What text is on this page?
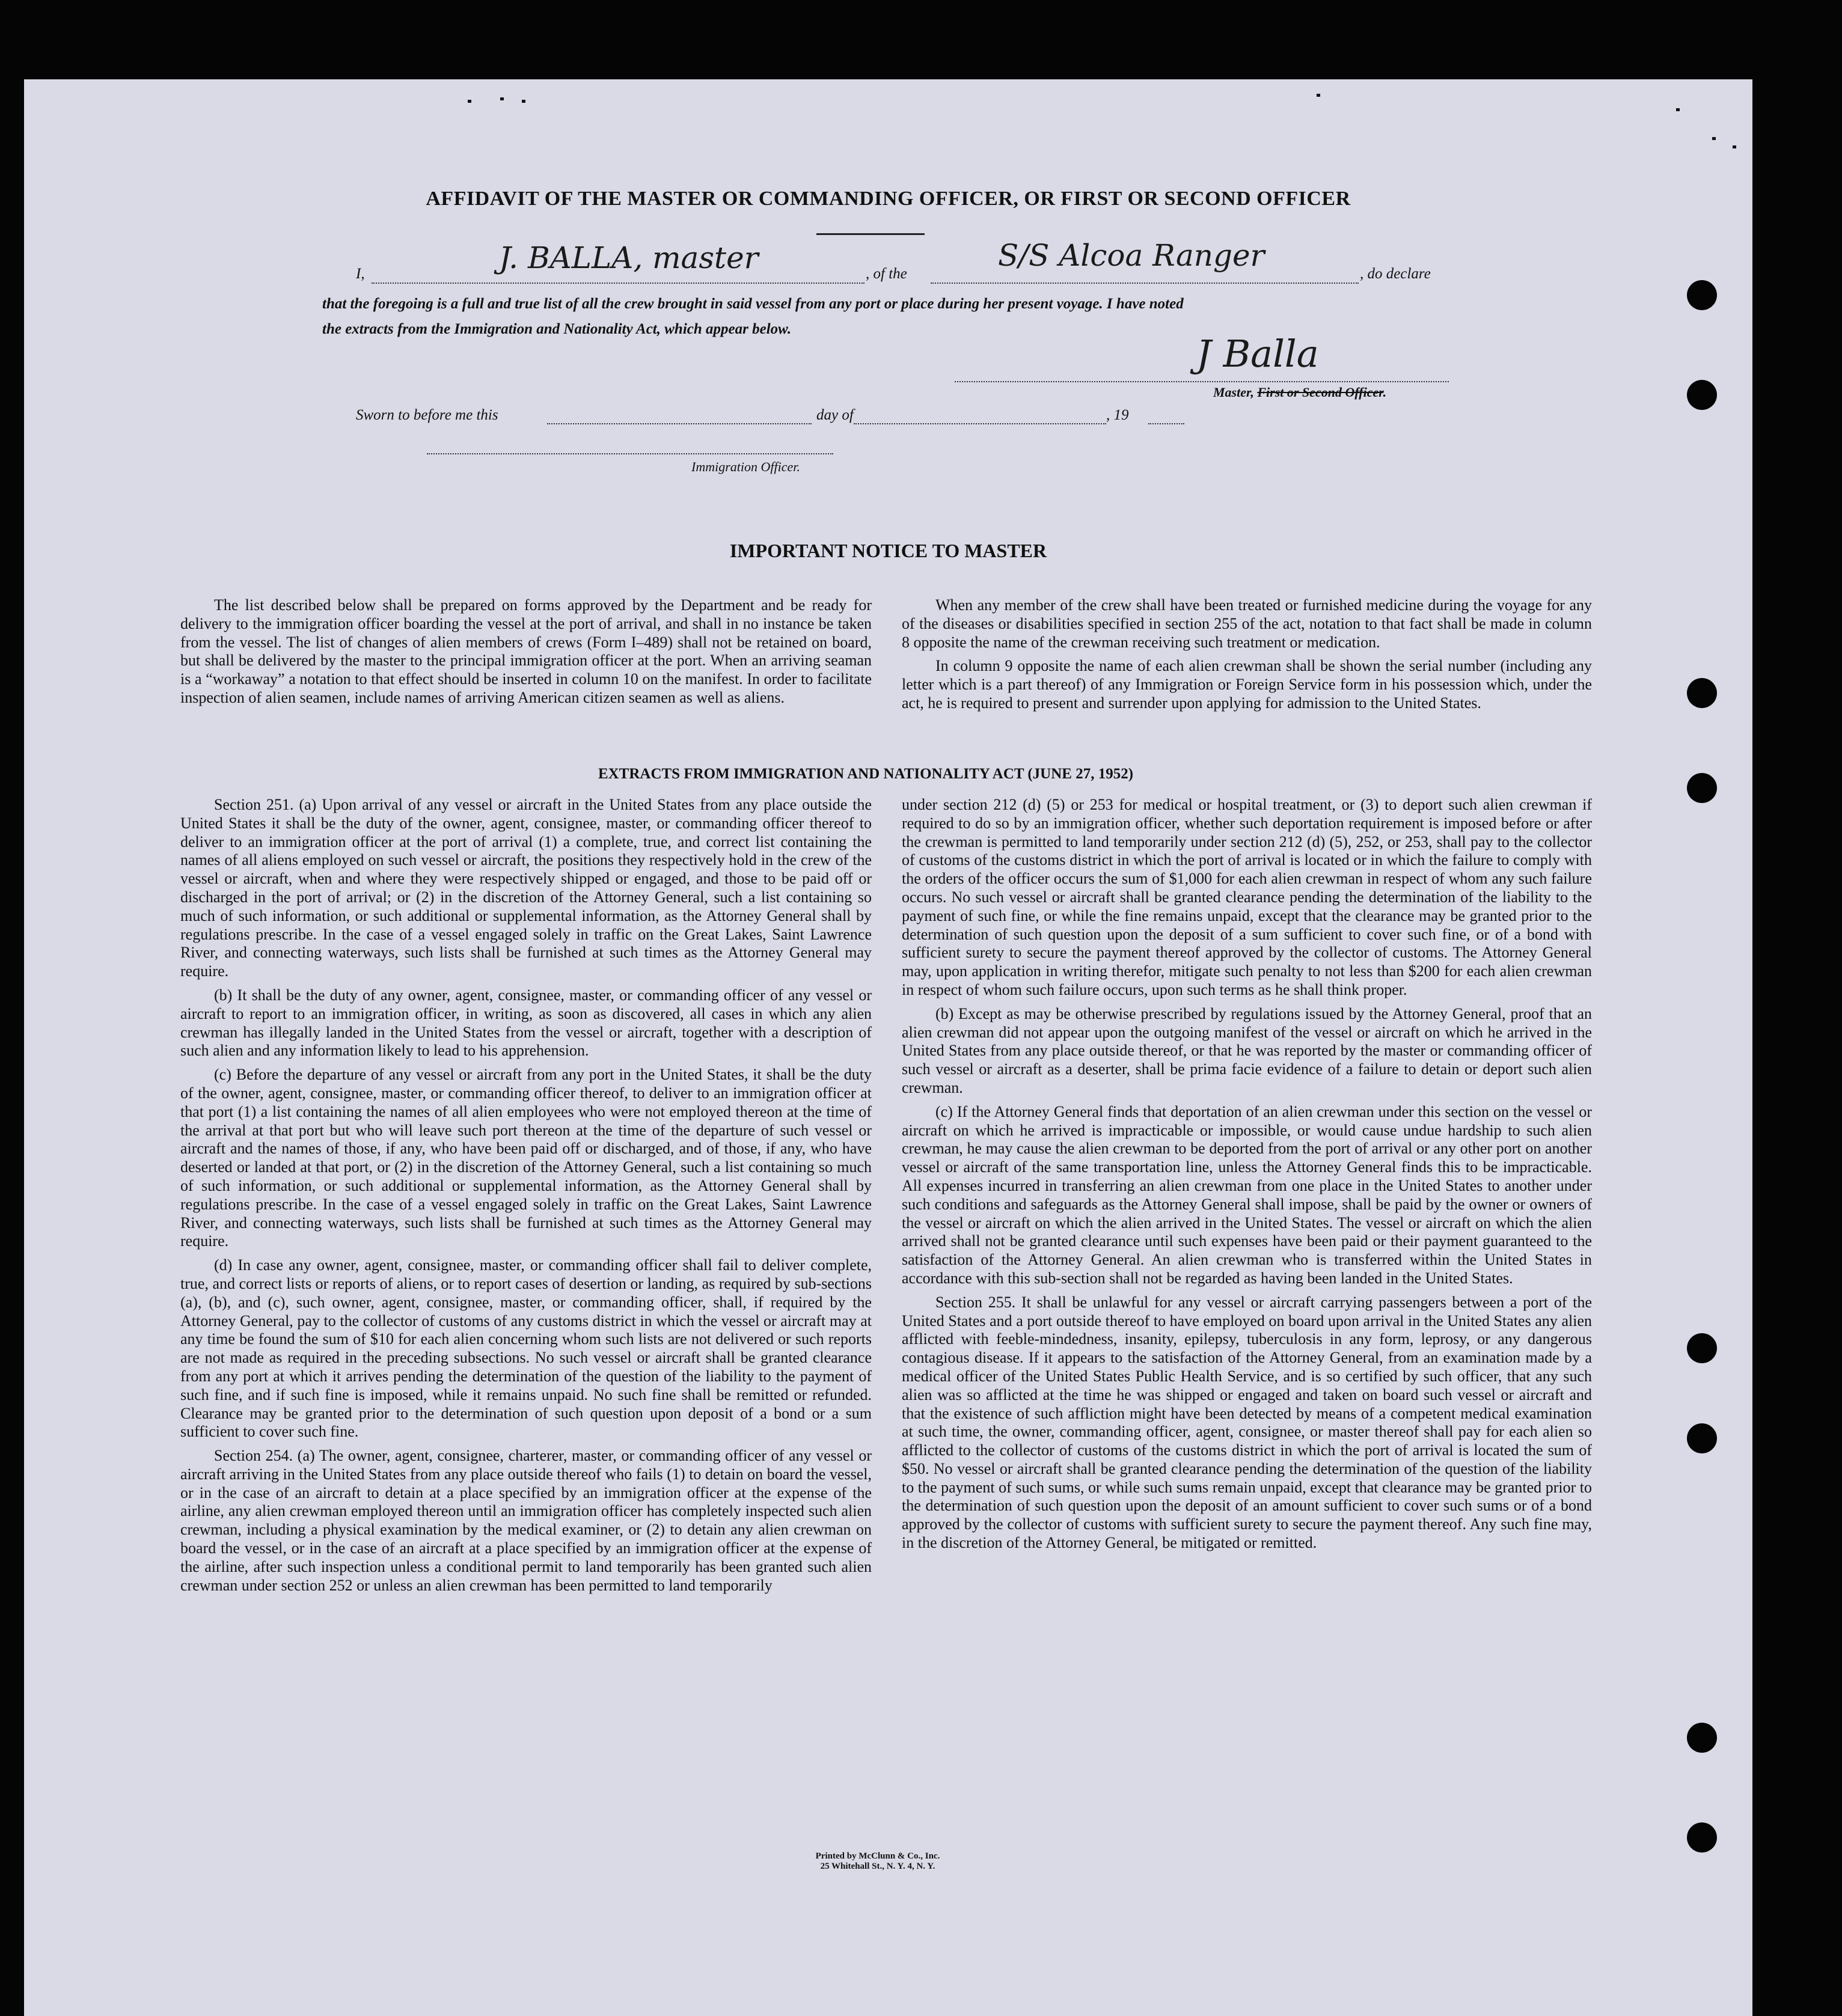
AFFIDAVIT OF THE MASTER OR COMMANDING OFFICER, OR FIRST OR SECOND OFFICER
I,	J. BALLA, master	, of the
S/S Alcoa Ranger
, do declare
that the foregoing is a full and true list of all the crew brought in said vessel from any port or place during her present voyage. I have noted
the extracts from the Immigration and Nationality Act, which appear below.
J Balla
Master, First or Second Officer.
Sworn to before me this	day of	, 19
Immigration Officer.
IMPORTANT NOTICE TO MASTER

The list described below shall be prepared on forms approved by the Department and be ready for delivery to the immigration officer boarding the vessel at the port of arrival, and shall in no instance be taken from the vessel. The list of changes of alien members of crews (Form I–489) shall not be retained on board, but shall be delivered by the master to the principal immigration officer at the port. When an arriving seaman is a “workaway” a notation to that effect should be inserted in column 10 on the manifest. In order to facilitate inspection of alien seamen, include names of arriving American citizen seamen as well as aliens.

When any member of the crew shall have been treated or furnished medicine during the voyage for any of the diseases or disabilities specified in section 255 of the act, notation to that fact shall be made in column 8 opposite the name of the crewman receiving such treatment or medication.

In column 9 opposite the name of each alien crewman shall be shown the serial number (including any letter which is a part thereof) of any Immigration or Foreign Service form in his possession which, under the act, he is required to present and surrender upon applying for admission to the United States.

EXTRACTS FROM IMMIGRATION AND NATIONALITY ACT (JUNE 27, 1952)

Section 251. (a) Upon arrival of any vessel or aircraft in the United States from any place outside the United States it shall be the duty of the owner, agent, consignee, master, or commanding officer thereof to deliver to an immigration officer at the port of arrival (1) a complete, true, and correct list containing the names of all aliens employed on such vessel or aircraft, the positions they respectively hold in the crew of the vessel or aircraft, when and where they were respectively shipped or engaged, and those to be paid off or discharged in the port of arrival; or (2) in the discretion of the Attorney General, such a list containing so much of such information, or such additional or supplemental information, as the Attorney General shall by regulations prescribe. In the case of a vessel engaged solely in traffic on the Great Lakes, Saint Lawrence River, and connecting waterways, such lists shall be furnished at such times as the Attorney General may require.

(b) It shall be the duty of any owner, agent, consignee, master, or commanding officer of any vessel or aircraft to report to an immigration officer, in writing, as soon as discovered, all cases in which any alien crewman has illegally landed in the United States from the vessel or aircraft, together with a description of such alien and any information likely to lead to his apprehension.

(c) Before the departure of any vessel or aircraft from any port in the United States, it shall be the duty of the owner, agent, consignee, master, or commanding officer thereof, to deliver to an immigration officer at that port (1) a list containing the names of all alien employees who were not employed thereon at the time of the arrival at that port but who will leave such port thereon at the time of the departure of such vessel or aircraft and the names of those, if any, who have been paid off or discharged, and of those, if any, who have deserted or landed at that port, or (2) in the discretion of the Attorney General, such a list containing so much of such information, or such additional or supplemental information, as the Attorney General shall by regulations prescribe. In the case of a vessel engaged solely in traffic on the Great Lakes, Saint Lawrence River, and connecting waterways, such lists shall be furnished at such times as the Attorney General may require.

(d) In case any owner, agent, consignee, master, or commanding officer shall fail to deliver complete, true, and correct lists or reports of aliens, or to report cases of desertion or landing, as required by sub-sections (a), (b), and (c), such owner, agent, consignee, master, or commanding officer, shall, if required by the Attorney General, pay to the collector of customs of any customs district in which the vessel or aircraft may at any time be found the sum of $10 for each alien concerning whom such lists are not delivered or such reports are not made as required in the preceding subsections. No such vessel or aircraft shall be granted clearance from any port at which it arrives pending the determination of the question of the liability to the payment of such fine, and if such fine is imposed, while it remains unpaid. No such fine shall be remitted or refunded. Clearance may be granted prior to the determination of such question upon deposit of a bond or a sum sufficient to cover such fine.

Section 254. (a) The owner, agent, consignee, charterer, master, or commanding officer of any vessel or aircraft arriving in the United States from any place outside thereof who fails (1) to detain on board the vessel, or in the case of an aircraft to detain at a place specified by an immigration officer at the expense of the airline, any alien crewman employed thereon until an immigration officer has completely inspected such alien crewman, including a physical examination by the medical examiner, or (2) to detain any alien crewman on board the vessel, or in the case of an aircraft at a place specified by an immigration officer at the expense of the airline, after such inspection unless a conditional permit to land temporarily has been granted such alien crewman under section 252 or unless an alien crewman has been permitted to land temporarily

under section 212 (d) (5) or 253 for medical or hospital treatment, or (3) to deport such alien crewman if required to do so by an immigration officer, whether such deportation requirement is imposed before or after the crewman is permitted to land temporarily under section 212 (d) (5), 252, or 253, shall pay to the collector of customs of the customs district in which the port of arrival is located or in which the failure to comply with the orders of the officer occurs the sum of $1,000 for each alien crewman in respect of whom any such failure occurs. No such vessel or aircraft shall be granted clearance pending the determination of the liability to the payment of such fine, or while the fine remains unpaid, except that the clearance may be granted prior to the determination of such question upon the deposit of a sum sufficient to cover such fine, or of a bond with sufficient surety to secure the payment thereof approved by the collector of customs. The Attorney General may, upon application in writing therefor, mitigate such penalty to not less than $200 for each alien crewman in respect of whom such failure occurs, upon such terms as he shall think proper.

(b) Except as may be otherwise prescribed by regulations issued by the Attorney General, proof that an alien crewman did not appear upon the outgoing manifest of the vessel or aircraft on which he arrived in the United States from any place outside thereof, or that he was reported by the master or commanding officer of such vessel or aircraft as a deserter, shall be prima facie evidence of a failure to detain or deport such alien crewman.

(c) If the Attorney General finds that deportation of an alien crewman under this section on the vessel or aircraft on which he arrived is impracticable or impossible, or would cause undue hardship to such alien crewman, he may cause the alien crewman to be deported from the port of arrival or any other port on another vessel or aircraft of the same transportation line, unless the Attorney General finds this to be impracticable. All expenses incurred in transferring an alien crewman from one place in the United States to another under such conditions and safeguards as the Attorney General shall impose, shall be paid by the owner or owners of the vessel or aircraft on which the alien arrived in the United States. The vessel or aircraft on which the alien arrived shall not be granted clearance until such expenses have been paid or their payment guaranteed to the satisfaction of the Attorney General. An alien crewman who is transferred within the United States in accordance with this sub-section shall not be regarded as having been landed in the United States.

Section 255. It shall be unlawful for any vessel or aircraft carrying passengers between a port of the United States and a port outside thereof to have employed on board upon arrival in the United States any alien afflicted with feeble-mindedness, insanity, epilepsy, tuberculosis in any form, leprosy, or any dangerous contagious disease. If it appears to the satisfaction of the Attorney General, from an examination made by a medical officer of the United States Public Health Service, and is so certified by such officer, that any such alien was so afflicted at the time he was shipped or engaged and taken on board such vessel or aircraft and that the existence of such affliction might have been detected by means of a competent medical examination at such time, the owner, commanding officer, agent, consignee, or master thereof shall pay for each alien so afflicted to the collector of customs of the customs district in which the port of arrival is located the sum of $50. No vessel or aircraft shall be granted clearance pending the determination of the question of the liability to the payment of such sums, or while such sums remain unpaid, except that clearance may be granted prior to the determination of such question upon the deposit of an amount sufficient to cover such sums or of a bond approved by the collector of customs with sufficient surety to secure the payment thereof. Any such fine may, in the discretion of the Attorney General, be mitigated or remitted.

Printed by McClunn & Co., Inc.
25 Whitehall St., N. Y. 4, N. Y.
